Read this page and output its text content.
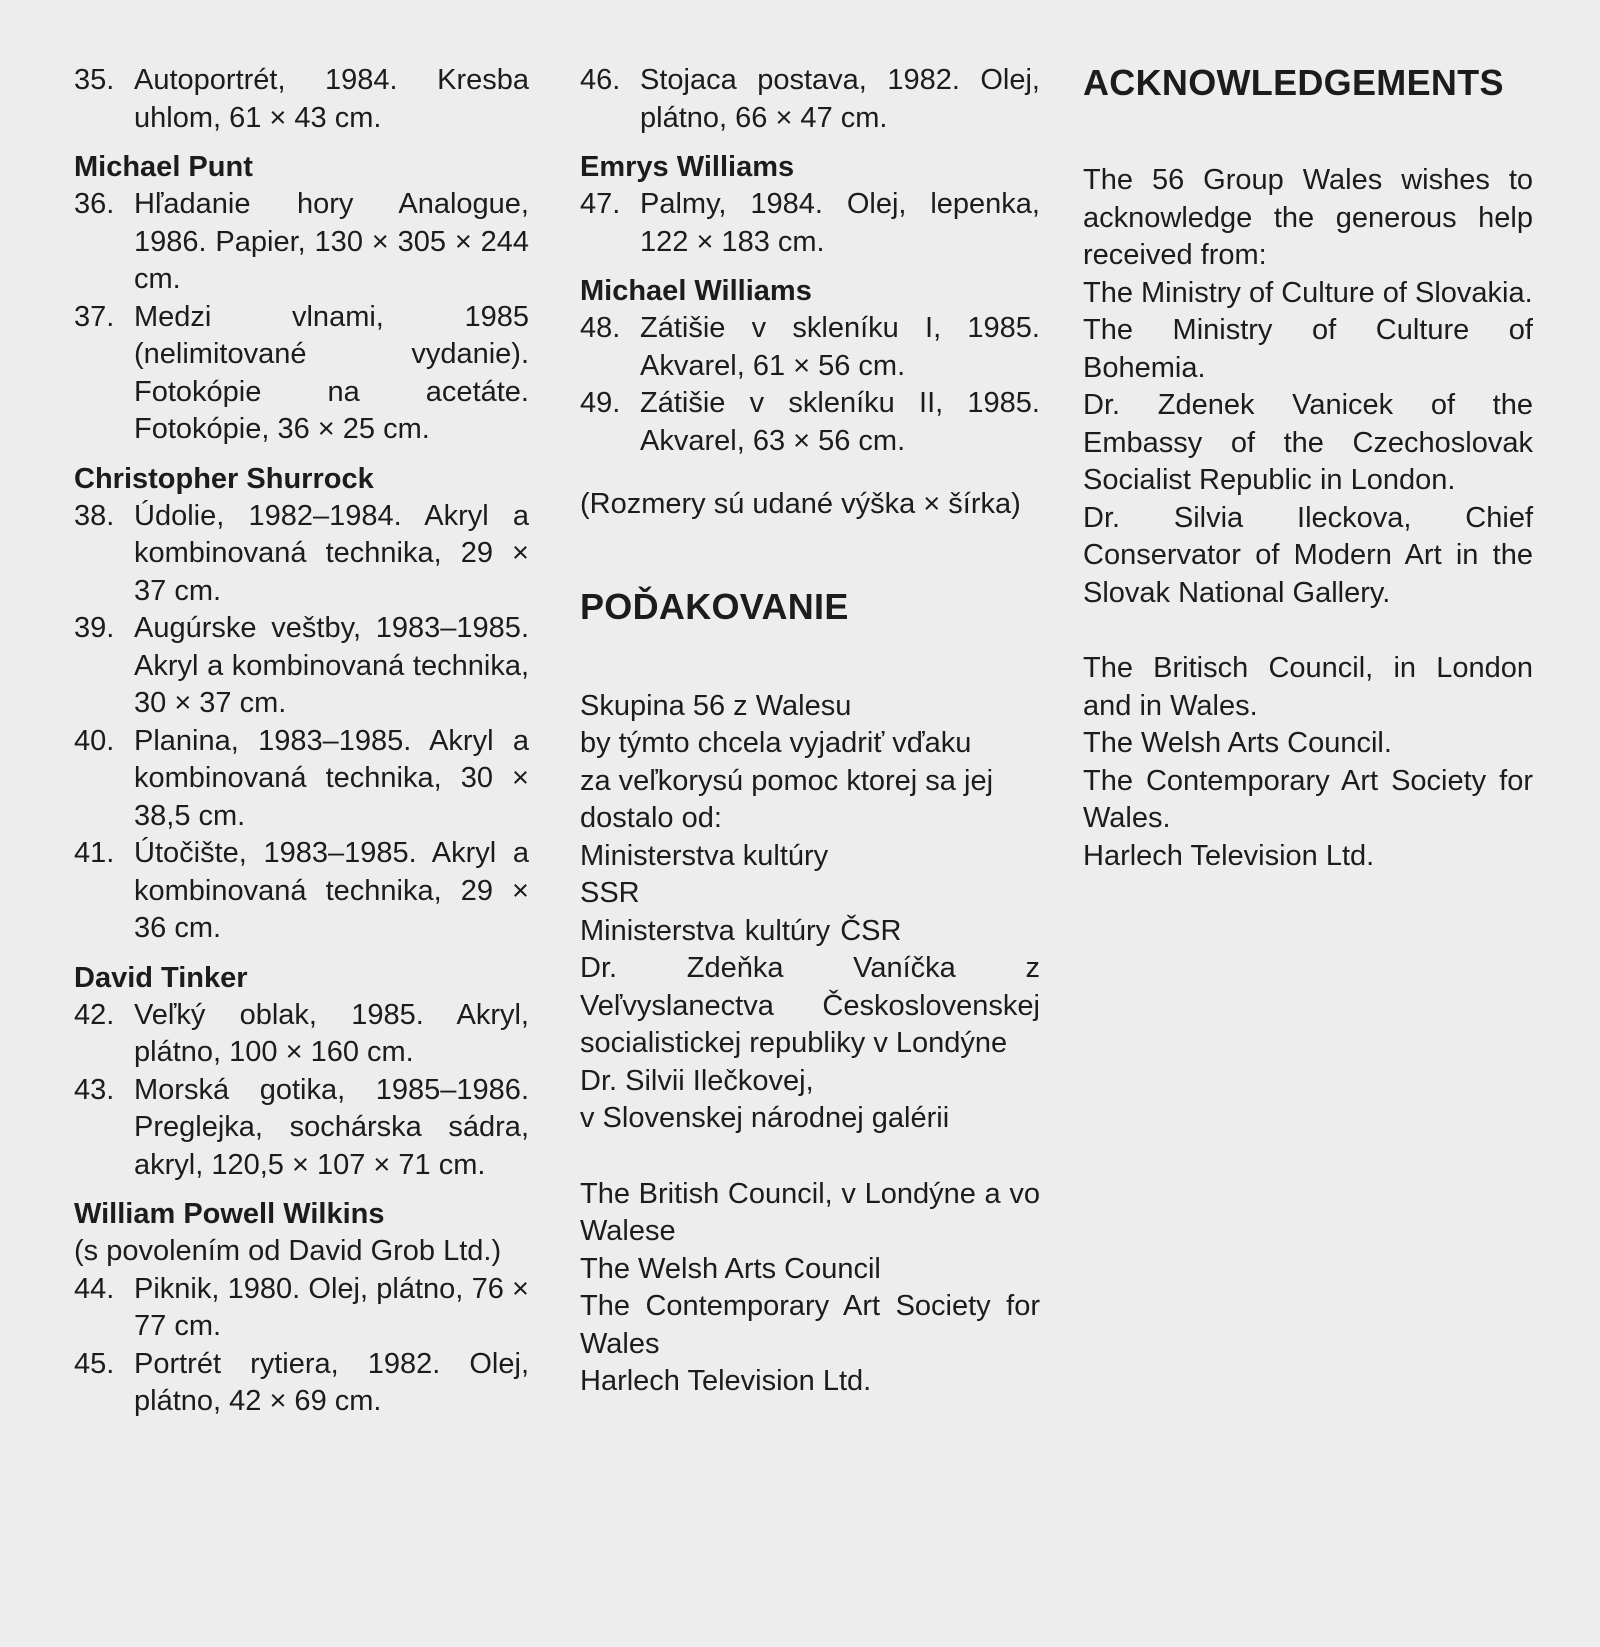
35. Autoportrét, 1984. Kresba uhlom, 61 × 43 cm.
Michael Punt
36. Hľadanie hory Analogue, 1986. Papier, 130 × 305 × 244 cm.
37. Medzi vlnami, 1985 (nelimitované vydanie). Fotokópie na acetáte. Fotokópie, 36 × 25 cm.
Christopher Shurrock
38. Údolie, 1982–1984. Akryl a kombinovaná technika, 29 × 37 cm.
39. Augúrske veštby, 1983–1985. Akryl a kombinovaná technika, 30 × 37 cm.
40. Planina, 1983–1985. Akryl a kombinovaná technika, 30 × 38,5 cm.
41. Útočište, 1983–1985. Akryl a kombinovaná technika, 29 × 36 cm.
David Tinker
42. Veľký oblak, 1985. Akryl, plátno, 100 × 160 cm.
43. Morská gotika, 1985–1986. Preglejka, sochárska sádra, akryl, 120,5 × 107 × 71 cm.
William Powell Wilkins
(s povolením od David Grob Ltd.)
44. Piknik, 1980. Olej, plátno, 76 × 77 cm.
45. Portrét rytiera, 1982. Olej, plátno, 42 × 69 cm.
46. Stojaca postava, 1982. Olej, plátno, 66 × 47 cm.
Emrys Williams
47. Palmy, 1984. Olej, lepenka, 122 × 183 cm.
Michael Williams
48. Zátišie v skleníku I, 1985. Akvarel, 61 × 56 cm.
49. Zátišie v skleníku II, 1985. Akvarel, 63 × 56 cm.
(Rozmery sú udané výška × šírka)
POĎAKOVANIE
Skupina 56 z Walesu
by týmto chcela vyjadriť vďaku
za veľkorysú pomoc ktorej sa jej
dostalo od:
Ministerstva kultúry
SSR
Ministerstva kultúry ČSR
Dr. Zdeňka Vaníčka z Veľvyslanectva Československej socialistickej republiky v Londýne
Dr. Silvii Ilečkovej,
v Slovenskej národnej galérii
The British Council, v Londýne a vo Walese
The Welsh Arts Council
The Contemporary Art Society for Wales
Harlech Television Ltd.
ACKNOWLEDGEMENTS
The 56 Group Wales wishes to acknowledge the generous help received from:
The Ministry of Culture of Slovakia.
The Ministry of Culture of Bohemia.
Dr. Zdenek Vanicek of the Embassy of the Czechoslovak Socialist Republic in London.
Dr. Silvia Ileckova, Chief Conservator of Modern Art in the Slovak National Gallery.
The Britisch Council, in London and in Wales.
The Welsh Arts Council.
The Contemporary Art Society for Wales.
Harlech Television Ltd.
